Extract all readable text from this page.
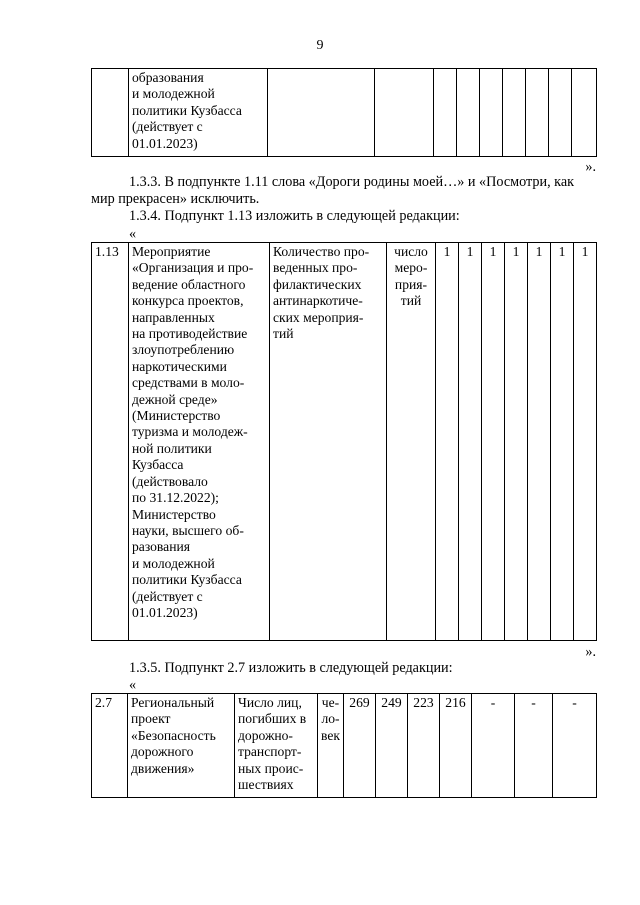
9
	образования
и молодежной
политики Кузбасса
(действует с
01.01.2023)									
».
1.3.3. В подпункте 1.11 слова «Дороги родины моей…» и «Посмотри, как
мир прекрасен» исключить.
1.3.4. Подпункт 1.13 изложить в следующей редакции:
«
1.13	Мероприятие
«Организация и про-
ведение областного
конкурса проектов,
направленных
на противодействие
злоупотреблению
наркотическими
средствами в моло-
дежной среде»
(Министерство
туризма и молодеж-
ной политики
Кузбасса
(действовало
по 31.12.2022);
Министерство
науки, высшего об-
разования
и молодежной
политики Кузбасса
(действует с
01.01.2023)	Количество про-
веденных про-
филактических
антинаркотиче-
ских мероприя-
тий	число
меро-
прия-
тий	1	1	1	1	1	1	1
».
1.3.5. Подпункт 2.7 изложить в следующей редакции:
«
2.7	Региональный
проект
«Безопасность
дорожного
движения»	Число лиц,
погибших в
дорожно-
транспорт-
ных проис-
шествиях	че-
ло-
век	269	249	223	216	-	-	-
